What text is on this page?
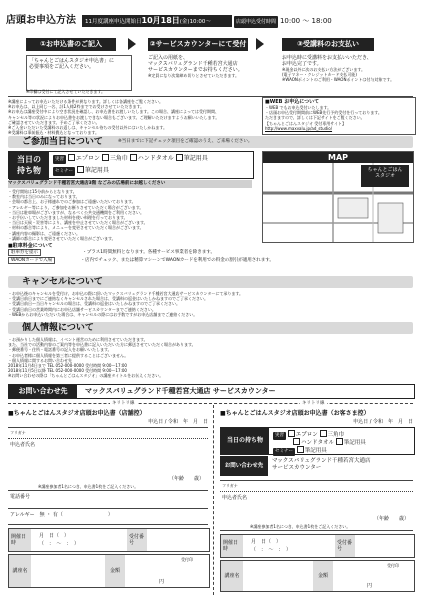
店頭お申込方法	11月度講座申込開始日10月18日(金)10:00〜	店頭申込受付時間 10:00 〜 18:00
①お申込書のご記入	②サービスカウンターにて受付	③受講料のお支払い
「ちゃんとごはんスタジオ申込書」に
必要事項をご記入ください。
※印欄は受付にて記入させていただきます。
ご記入の用紙を、
マックスバリュグランド千種若宮大通店
サービスカウンターまでお持ちください。
※定員になり次第締め切りとさせていただきます。
お申込時に受講料をお支払いいただき、
お申込完了です。
※現金以外に次のお支払い方法がございます。
(電子マネー・クレジットカード支払可能)
※WAONポイントのご利用・WAONポイントは付与対象です。
※講座によってお申込いただける条件が異なります。詳しくは各講座をご覧ください。
※お申込は、以上同じ一名、計1人様2枠まででお受けさせていただきます。
※お申込は講座受付中により空き状況を確認し、お申込書をお渡しいたします。この場合、講座によっては受付期間、
キャンセル等の状況によりお申込書をお渡しできない場合もございます。ご理解いただけますようお願いいたします。
ご確認させていただきます。予めご了承ください。
※ご入金いただいた受講料のお返しは、キャンセル待ちの受付以外にはいたしかねます。
※受講料は事前振込・材料費込となっております。
■WEB お申込について
・WEB でもお申込受付いたします。
・店頭お申込受付期間前にWEB先行予約受付を行っております。
ただきますので、詳しくは下記サイトをご覧ください。
【ちゃんとごはんスタジオ 受付専用サイト】
http://www.maxvalu.jp/ad_studio/
ご参加当日について	※当日までに下記チェック項目をご確認のうえ、ご来場ください。
当日の
持ち物
実習 エプロン 三角巾 ハンドタオル 筆記用具
セミナー 筆記用具
マックスバリュグランド千種若宮大通店3階 なごみの広場前にお越しください
・受付開始は15分前からとなります。
・教室内は当日のみになっております。
・会場の都合上、お子様連れでのご参加はご遠慮いただいております。
・アレルギー等により、ご参加をお断りさせていただく場合がございます。
・当日は駐車場がございますが、なるべく公共交通機関をご利用ください。
・お手伝いしていただきました材料を使い料理を行っております。
・当日は天候・災害等により、講座を中止させていただく場合がございます。
・材料の都合等により、メニューを変更させていただく場合がございます。
・講座内容の撮影は、ご遠慮ください。
・講師の都合により変更させていただく場合がございます。
MAP
ちゃんとごはん
スタジオ
■駐車料金について
駐車券を提示	・プラス1時間無料となります。各種サービス事業者を除きます。
WAONカードで入場	・店内でチェック、または精算マシーンでWAONカードを利用での料金の割引が適用されます。
キャンセルについて
・お申込後のキャンセルを受付け、お申込の際に頂いたマックスバリュグランド千種若宮大通店サービスカウンターにて承ります。
・受講日前日までにご連絡なくキャンセルされた場合は、受講料の返金はいたしかねますのでご了承ください。
・受講日前日〜当日キャンセルの場合は、受講料の返金はいたしかねますのでご了承ください。
・受講日前日の営業時間内にお申込店舗サービスカウンターまでご連絡ください。
・WEBからお申込いただいた場合は、キャンセルの際にはお手数ですがお申込店舗までご連絡ください。
個人情報について
・お預かりした個人情報は、イベント運営のために利用させていただきます。
また、当社での活動内容のご案内等を申込書に記入いただいた方に郵送させていただく場合があります。
・郵便番号・住所・電話番号の記入をお願いいたします。
・お申込者様に個人情報を第三者に提供することはございません。
・個人情報に関するお問い合わせ先
2018年11月4日まで TEL 052-000-0000 受付時間 9:00〜17:00
2018年11月5日以降 TEL 052-000-0000 受付時間 9:00〜17:00
※お問い合わせの際は「ちゃんとごはんスタジオ」の講座タイトルをお伝えください。
お問い合わせ先	マックスバリュグランド千種若宮大通店 サービスカウンター
キリトリ線	キリトリ線
■ちゃんとごはんスタジオ店頭お申込書（店舗控）
申込日 / 令和　年　月　日
フリガナ
申込者氏名
（年齢　　歳）
※講座参加者1名につき、申込書1枚をご記入ください。
電話番号
アレルギー　無 ・ 有（　　　　　　　　　）
開催日時
月　日（　）
（　：　〜　：　）
受付番号
講座名	金額
円
受付印
■ちゃんとごはんスタジオ店頭お申込書（お客さま控）
申込日 / 令和　年　月　日
当日の持ち物
実習 エプロン 三角巾
ハンドタオル 筆記用具
セミナー 筆記用具
お問い合わせ先
マックスバリュグランド千種若宮大通店
サービスカウンター
フリガナ
申込者氏名
（年齢　　歳）
※講座参加者1名につき、申込書1枚をご記入ください。
開催日時
月　日（　）
（　：　〜　：　）
受付番号
講座名	金額
円
受付印
